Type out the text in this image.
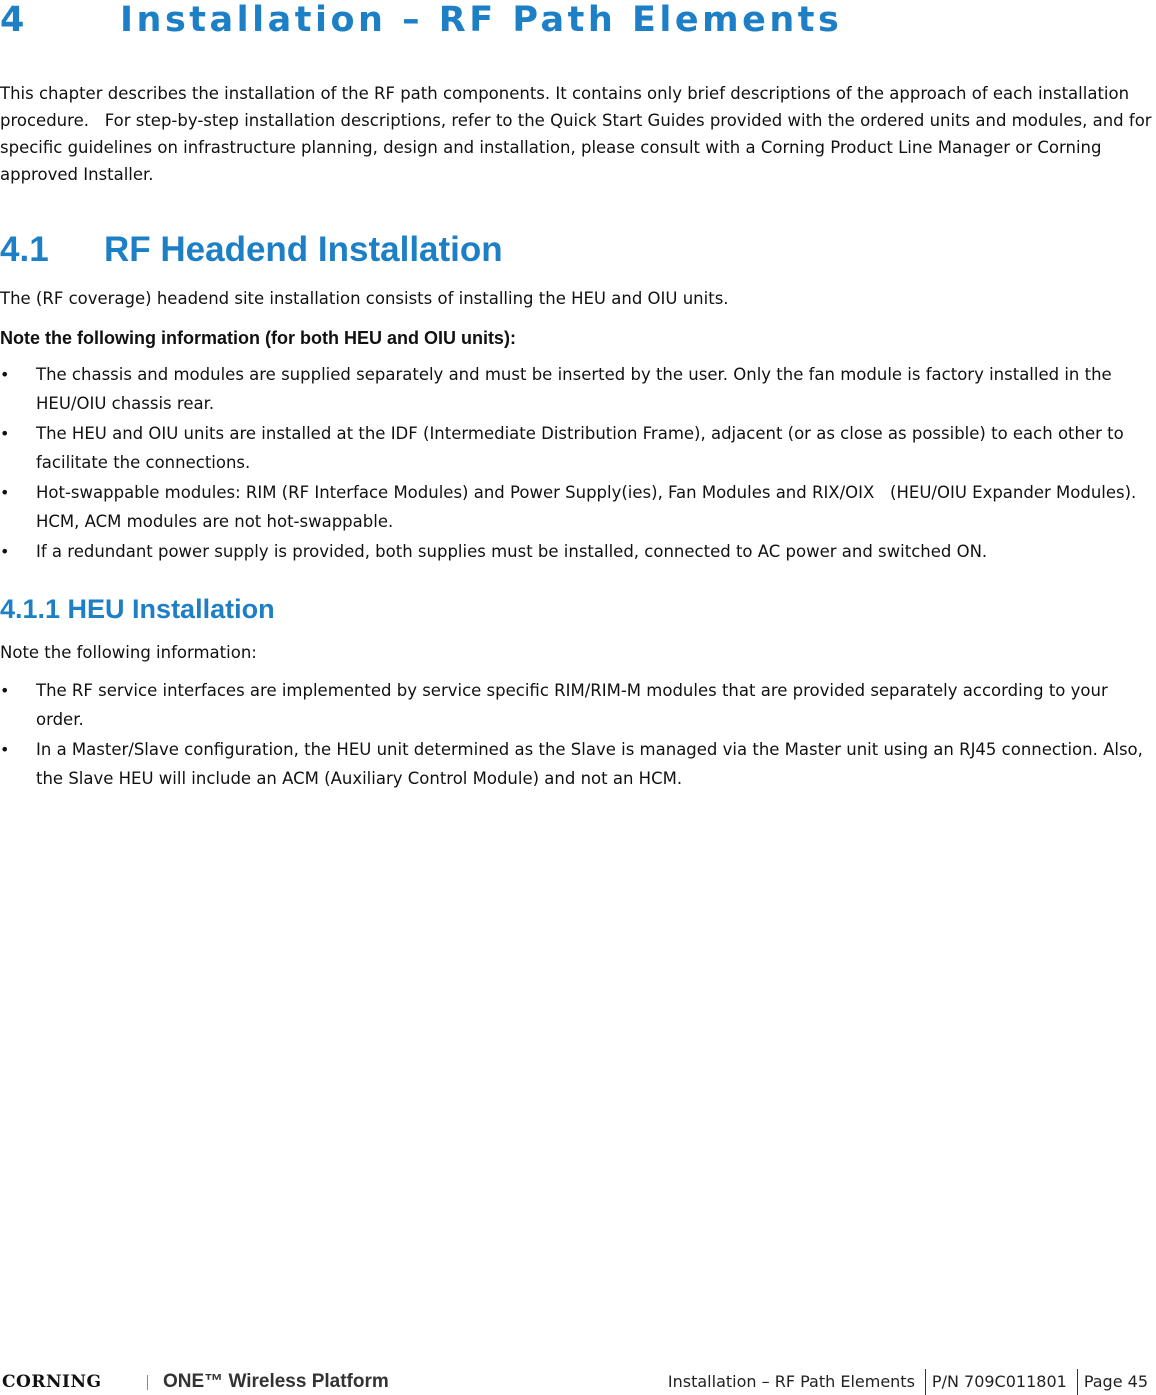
4	Installation – RF Path Elements

This chapter describes the installation of the RF path components. It contains only brief descriptions of the approach of each installation procedure.   For step-by-step installation descriptions, refer to the Quick Start Guides provided with the ordered units and modules, and for specific guidelines on infrastructure planning, design and installation, please consult with a Corning Product Line Manager or Corning approved Installer.

4.1 RF Headend Installation

The (RF coverage) headend site installation consists of installing the HEU and OIU units.

Note the following information (for both HEU and OIU units):

• The chassis and modules are supplied separately and must be inserted by the user. Only the fan module is factory installed in the HEU/OIU chassis rear.
• The HEU and OIU units are installed at the IDF (Intermediate Distribution Frame), adjacent (or as close as possible) to each other to facilitate the connections.
• Hot-swappable modules: RIM (RF Interface Modules) and Power Supply(ies), Fan Modules and RIX/OIX   (HEU/OIU Expander Modules). HCM, ACM modules are not hot-swappable.
• If a redundant power supply is provided, both supplies must be installed, connected to AC power and switched ON.
4.1.1 HEU Installation

Note the following information:

• The RF service interfaces are implemented by service specific RIM/RIM-M modules that are provided separately according to your order.
• In a Master/Slave configuration, the HEU unit determined as the Slave is managed via the Master unit using an RJ45 connection. Also, the Slave HEU will include an ACM (Auxiliary Control Module) and not an HCM.
CORNING	ONE™ Wireless Platform	Installation – RF Path Elements P/N 709C011801 Page 45
